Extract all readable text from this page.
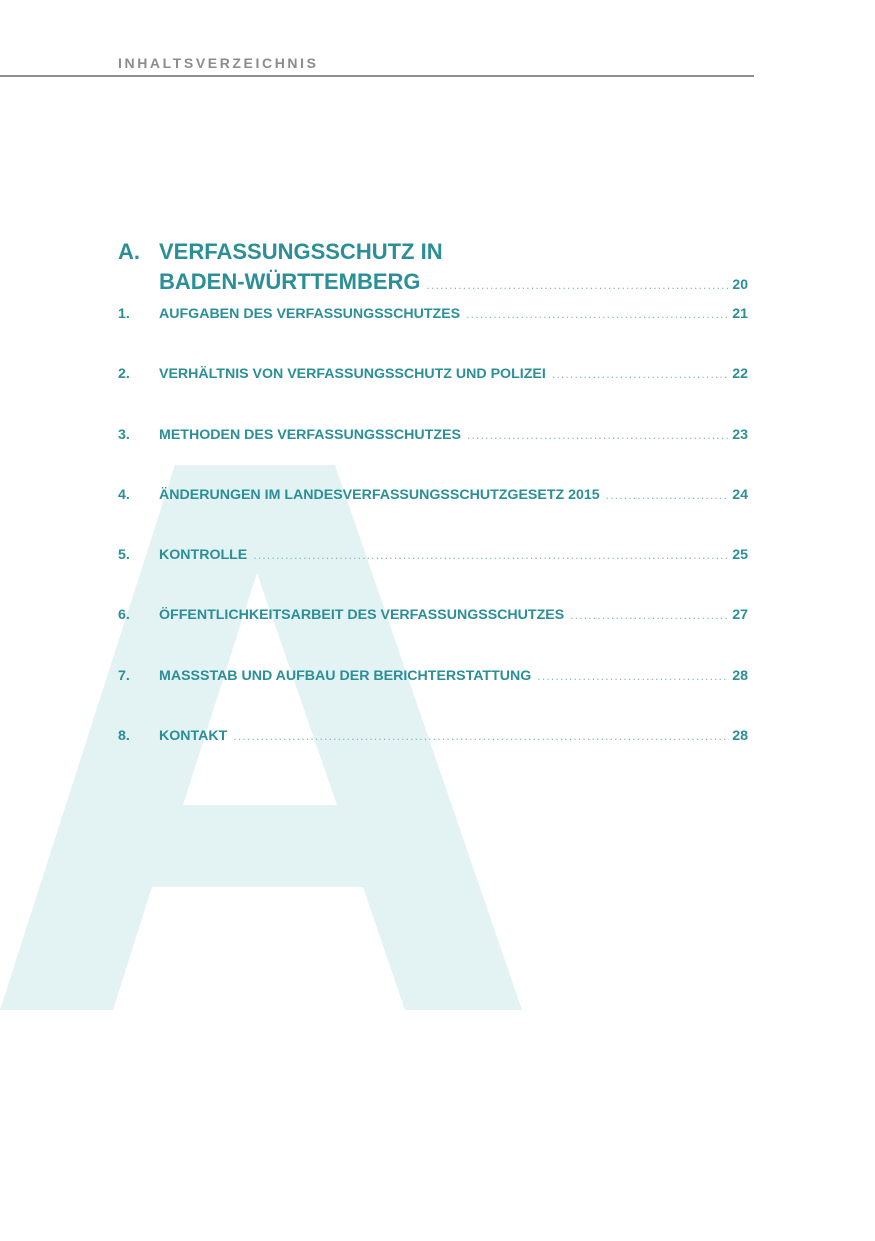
INHALTSVERZEICHNIS
A. VERFASSUNGSSCHUTZ IN
BADEN-WÜRTTEMBERG .....	20
1.	AUFGABEN DES VERFASSUNGSSCHUTZES .....	21
2.	VERHÄLTNIS VON VERFASSUNGSSCHUTZ UND POLIZEI .....	22
3.	METHODEN DES VERFASSUNGSSCHUTZES .....	23
4.	ÄNDERUNGEN IM LANDESVERFASSUNGSSCHUTZGESETZ 2015 .....	24
5.	KONTROLLE .....	25
6.	ÖFFENTLICHKEITSARBEIT DES VERFASSUNGSSCHUTZES .....	27
7.	MASSSTAB UND AUFBAU DER BERICHTERSTATTUNG .....	28
8.	KONTAKT .....	28
